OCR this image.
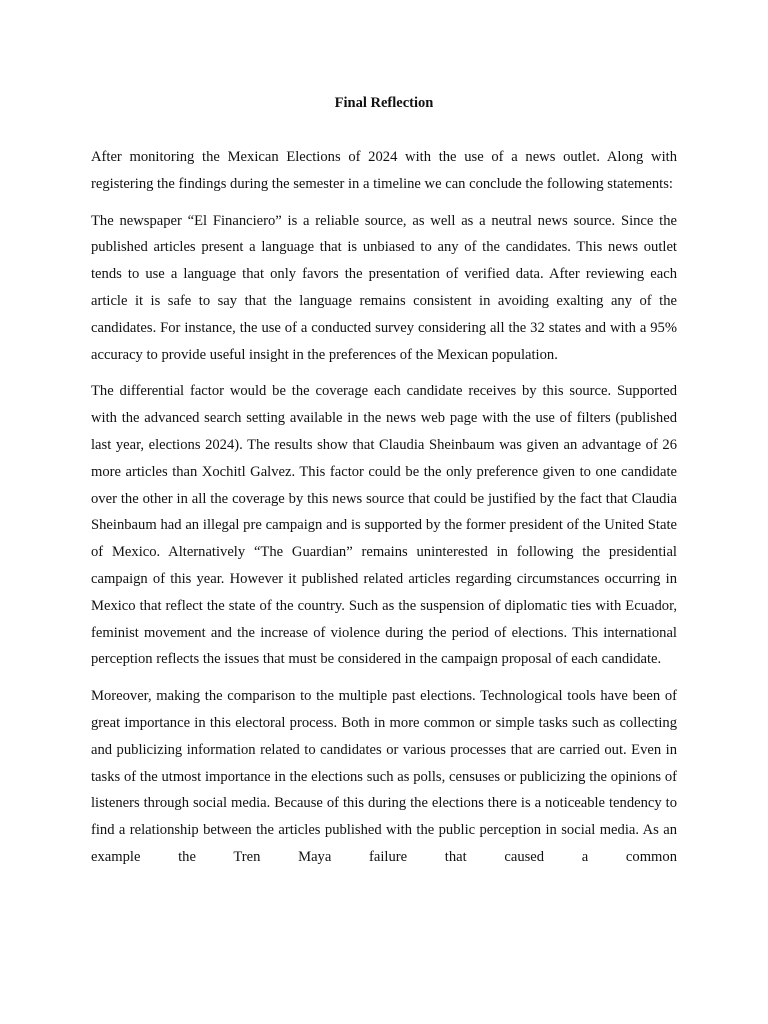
Final Reflection

After monitoring the Mexican Elections of 2024 with the use of a news outlet. Along with registering the findings during the semester in a timeline we can conclude the following statements:

The newspaper “El Financiero” is a reliable source, as well as a neutral news source. Since the published articles present a language that is unbiased to any of the candidates. This news outlet tends to use a language that only favors the presentation of verified data. After reviewing each article it is safe to say that the language remains consistent in avoiding exalting any of the candidates. For instance, the use of a conducted survey considering all the 32 states and with a 95% accuracy to provide useful insight in the preferences of the Mexican population.

The differential factor would be the coverage each candidate receives by this source. Supported with the advanced search setting available in the news web page with the use of filters (published last year, elections 2024). The results show that Claudia Sheinbaum was given an advantage of 26 more articles than Xochitl Galvez. This factor could be the only preference given to one candidate over the other in all the coverage by this news source that could be justified by the fact that Claudia Sheinbaum had an illegal pre campaign and is supported by the former president of the United State of Mexico. Alternatively “The Guardian” remains uninterested in following the presidential campaign of this year. However it published related articles regarding circumstances occurring in Mexico that reflect the state of the country. Such as the suspension of diplomatic ties with Ecuador, feminist movement and the increase of violence during the period of elections. This international perception reflects the issues that must be considered in the campaign proposal of each candidate.

Moreover, making the comparison to the multiple past elections. Technological tools have been of great importance in this electoral process. Both in more common or simple tasks such as collecting and publicizing information related to candidates or various processes that are carried out. Even in tasks of the utmost importance in the elections such as polls, censuses or publicizing the opinions of listeners through social media. Because of this during the elections there is a noticeable tendency to find a relationship between the articles published with the public perception in social media. As an example the Tren Maya failure that caused a common
